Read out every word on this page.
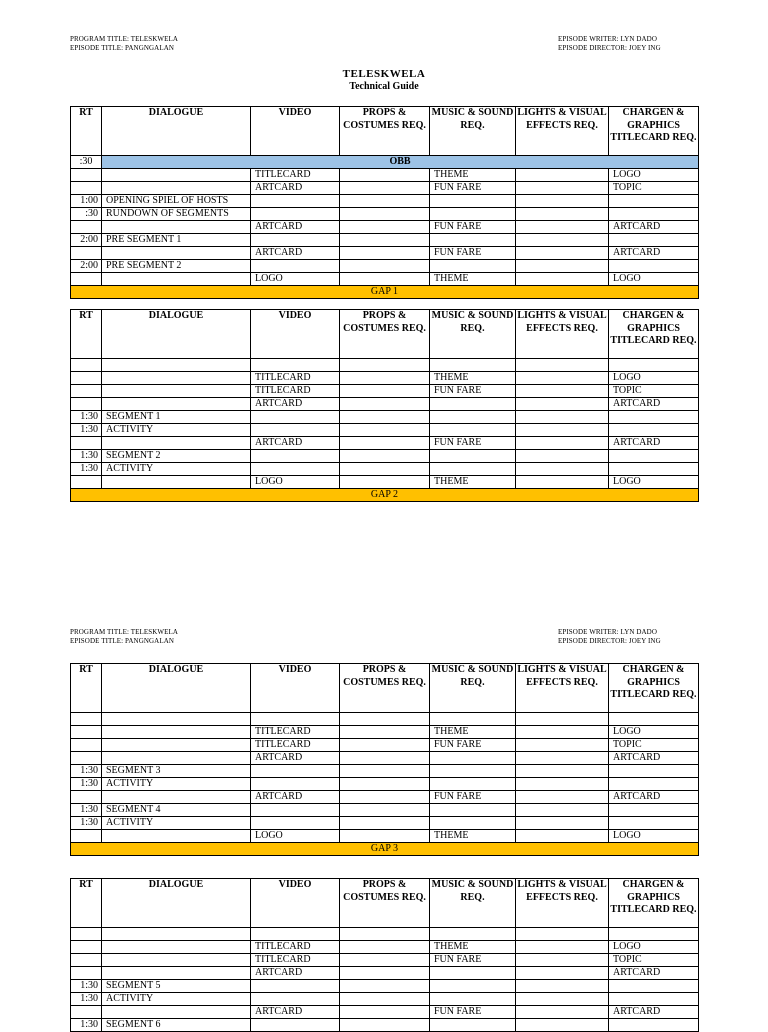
PROGRAM TITLE: TELESKWELA
EPISODE TITLE: PANGNGALAN
EPISODE WRITER: LYN DADO
EPISODE DIRECTOR: JOEY ING
TELESKWELA
Technical Guide
RT	DIALOGUE	VIDEO	PROPS & COSTUMES REQ.	MUSIC & SOUND REQ.	LIGHTS & VISUAL EFFECTS REQ.	CHARGEN & GRAPHICS TITLECARD REQ.
:30	OBB					
		TITLECARD		THEME		LOGO
		ARTCARD		FUN FARE		TOPIC
1:00	OPENING SPIEL OF HOSTS					
:30	RUNDOWN OF SEGMENTS					
		ARTCARD		FUN FARE		ARTCARD
2:00	PRE SEGMENT 1					
		ARTCARD		FUN FARE		ARTCARD
2:00	PRE SEGMENT 2					
		LOGO		THEME		LOGO
GAP 1						
RT	DIALOGUE	VIDEO	PROPS & COSTUMES REQ.	MUSIC & SOUND REQ.	LIGHTS & VISUAL EFFECTS REQ.	CHARGEN & GRAPHICS TITLECARD REQ.

		TITLECARD		THEME		LOGO
		TITLECARD		FUN FARE		TOPIC
		ARTCARD				ARTCARD
1:30	SEGMENT 1					
1:30	ACTIVITY					
		ARTCARD		FUN FARE		ARTCARD
1:30	SEGMENT 2					
1:30	ACTIVITY					
		LOGO		THEME		LOGO
GAP 2						
PROGRAM TITLE: TELESKWELA
EPISODE TITLE: PANGNGALAN
EPISODE WRITER: LYN DADO
EPISODE DIRECTOR: JOEY ING
RT	DIALOGUE	VIDEO	PROPS & COSTUMES REQ.	MUSIC & SOUND REQ.	LIGHTS & VISUAL EFFECTS REQ.	CHARGEN & GRAPHICS TITLECARD REQ.

		TITLECARD		THEME		LOGO
		TITLECARD		FUN FARE		TOPIC
		ARTCARD				ARTCARD
1:30	SEGMENT 3					
1:30	ACTIVITY					
		ARTCARD		FUN FARE		ARTCARD
1:30	SEGMENT 4					
1:30	ACTIVITY					
		LOGO		THEME		LOGO
GAP 3						
RT	DIALOGUE	VIDEO	PROPS & COSTUMES REQ.	MUSIC & SOUND REQ.	LIGHTS & VISUAL EFFECTS REQ.	CHARGEN & GRAPHICS TITLECARD REQ.

		TITLECARD		THEME		LOGO
		TITLECARD		FUN FARE		TOPIC
		ARTCARD				ARTCARD
1:30	SEGMENT 5					
1:30	ACTIVITY					
		ARTCARD		FUN FARE		ARTCARD
1:30	SEGMENT 6					
